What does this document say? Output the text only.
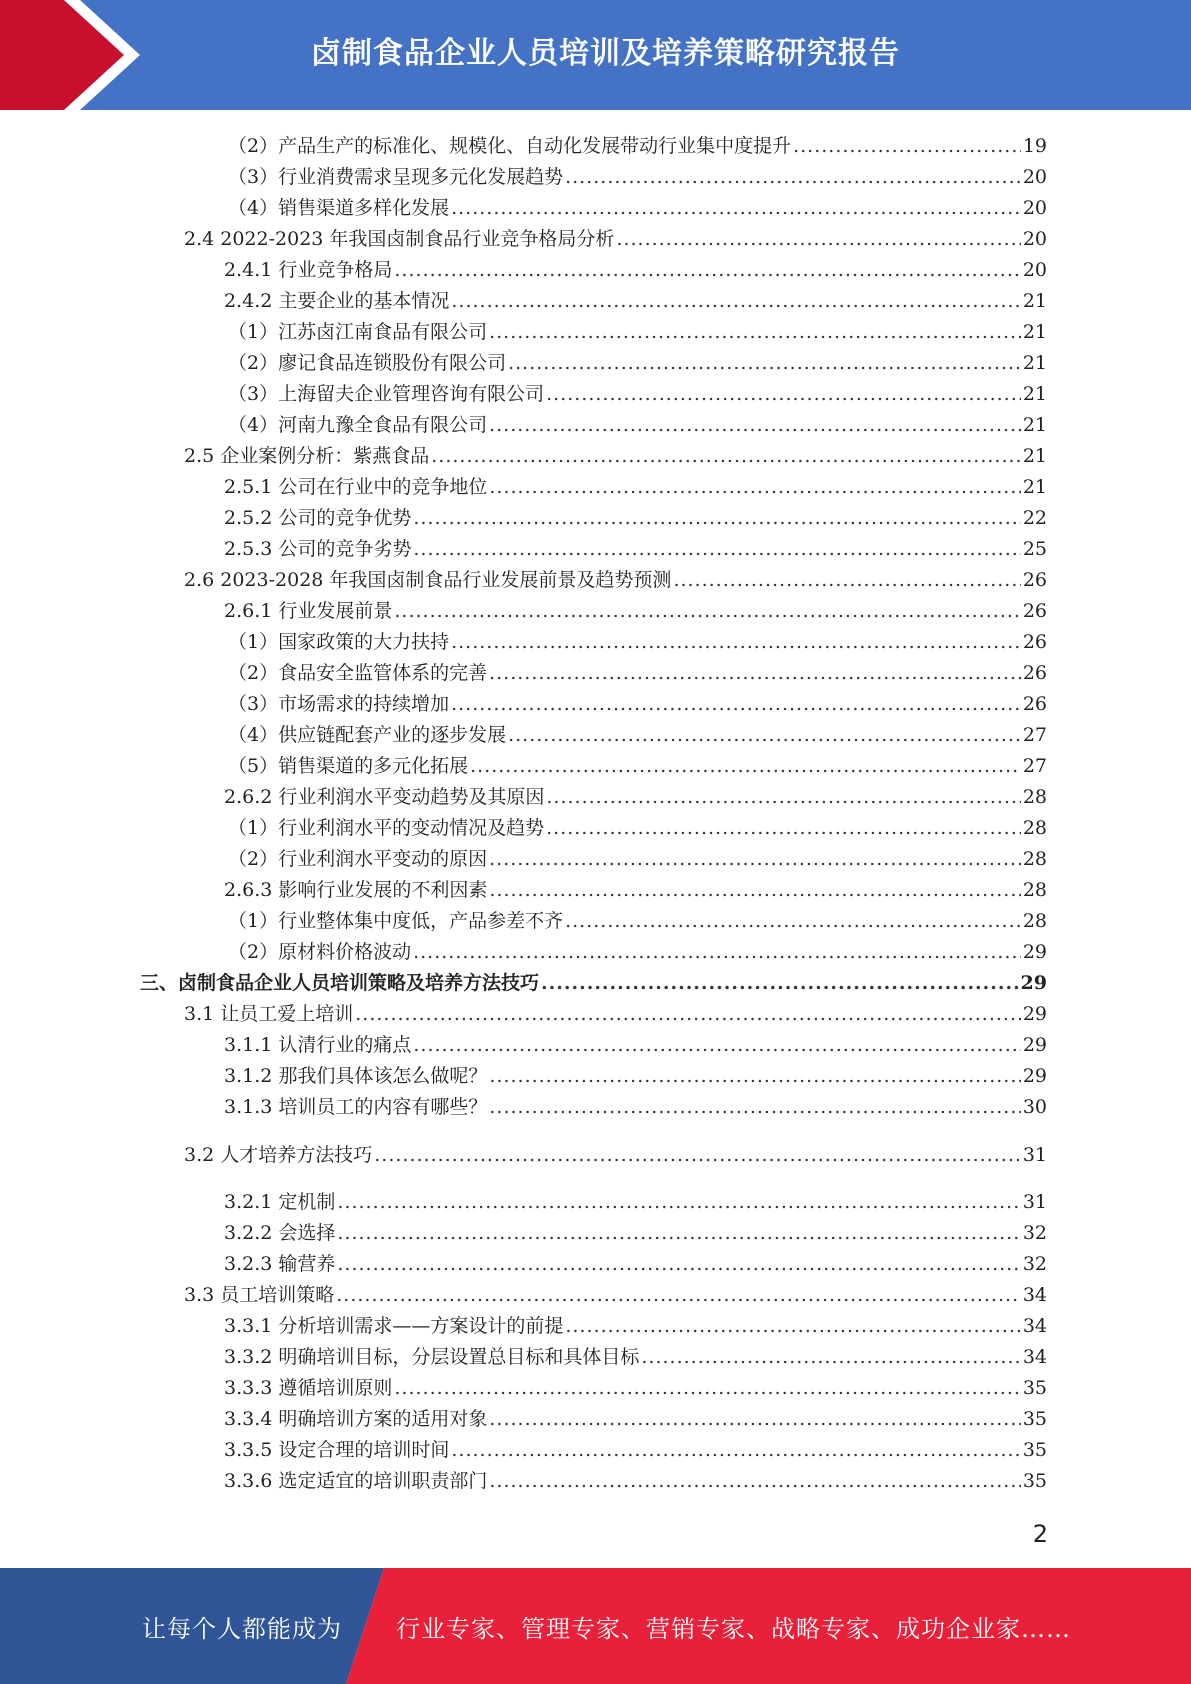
卤制食品企业人员培训及培养策略研究报告
（2）产品生产的标准化、规模化、自动化发展带动行业集中度提升 .....	19
（3）行业消费需求呈现多元化发展趋势 .....	20
（4）销售渠道多样化发展 .....	20
2.4 2022-2023 年我国卤制食品行业竞争格局分析 .....	20
2.4.1 行业竞争格局 .....	20
2.4.2 主要企业的基本情况 .....	21
（1）江苏卤江南食品有限公司 .....	21
（2）廖记食品连锁股份有限公司 .....	21
（3）上海留夫企业管理咨询有限公司 .....	21
（4）河南九豫全食品有限公司 .....	21
2.5 企业案例分析：紫燕食品 .....	21
2.5.1 公司在行业中的竞争地位 .....	21
2.5.2 公司的竞争优势 .....	22
2.5.3 公司的竞争劣势 .....	25
2.6 2023-2028 年我国卤制食品行业发展前景及趋势预测 .....	26
2.6.1 行业发展前景 .....	26
（1）国家政策的大力扶持 .....	26
（2）食品安全监管体系的完善 .....	26
（3）市场需求的持续增加 .....	26
（4）供应链配套产业的逐步发展 .....	27
（5）销售渠道的多元化拓展 .....	27
2.6.2 行业利润水平变动趋势及其原因 .....	28
（1）行业利润水平的变动情况及趋势 .....	28
（2）行业利润水平变动的原因 .....	28
2.6.3 影响行业发展的不利因素 .....	28
（1）行业整体集中度低，产品参差不齐 .....	28
（2）原材料价格波动 .....	29
三、卤制食品企业人员培训策略及培养方法技巧 .....	29
3.1 让员工爱上培训 .....	29
3.1.1 认清行业的痛点 .....	29
3.1.2 那我们具体该怎么做呢？ .....	29
3.1.3 培训员工的内容有哪些？ .....	30
3.2 人才培养方法技巧 .....	31
3.2.1 定机制 .....	31
3.2.2 会选择 .....	32
3.2.3 输营养 .....	32
3.3 员工培训策略 .....	34
3.3.1 分析培训需求——方案设计的前提 .....	34
3.3.2 明确培训目标，分层设置总目标和具体目标 .....	34
3.3.3 遵循培训原则 .....	35
3.3.4 明确培训方案的适用对象 .....	35
3.3.5 设定合理的培训时间 .....	35
3.3.6 选定适宜的培训职责部门 .....	35
2
让每个人都能成为 行业专家、管理专家、营销专家、战略专家、成功企业家……
